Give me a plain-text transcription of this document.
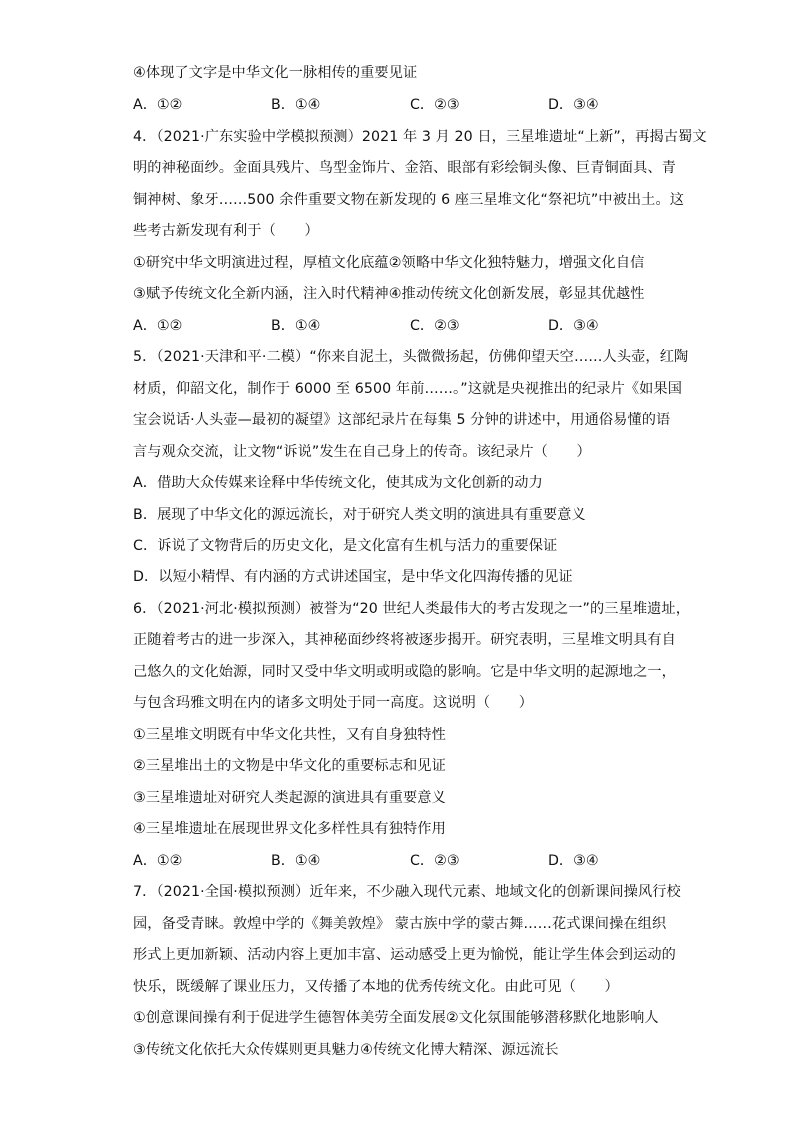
④体现了文字是中华文化一脉相传的重要见证
A．①②	B．①④	C．②③	D．③④
4．（2021·广东实验中学模拟预测）2021 年 3 月 20 日，三星堆遗址“上新”，再揭古蜀文
明的神秘面纱。金面具残片、鸟型金饰片、金箔、眼部有彩绘铜头像、巨青铜面具、青
铜神树、象牙……500 余件重要文物在新发现的 6 座三星堆文化“祭祀坑”中被出土。这
些考古新发现有利于（　　）
①研究中华文明演进过程，厚植文化底蕴②领略中华文化独特魅力，增强文化自信
③赋予传统文化全新内涵，注入时代精神④推动传统文化创新发展，彰显其优越性
A．①②	B．①④	C．②③	D．③④
5．（2021·天津和平·二模）“你来自泥土，头微微扬起，仿佛仰望天空……人头壶，红陶
材质，仰韶文化，制作于 6000 至 6500 年前……。”这就是央视推出的纪录片《如果国
宝会说话·人头壶—最初的凝望》这部纪录片在每集 5 分钟的讲述中，用通俗易懂的语
言与观众交流，让文物“诉说”发生在自己身上的传奇。该纪录片（　　）
A．借助大众传媒来诠释中华传统文化，使其成为文化创新的动力
B．展现了中华文化的源远流长，对于研究人类文明的演进具有重要意义
C．诉说了文物背后的历史文化，是文化富有生机与活力的重要保证
D．以短小精悍、有内涵的方式讲述国宝，是中华文化四海传播的见证
6．（2021·河北·模拟预测）被誉为“20 世纪人类最伟大的考古发现之一”的三星堆遗址，
正随着考古的进一步深入，其神秘面纱终将被逐步揭开。研究表明，三星堆文明具有自
己悠久的文化始源，同时又受中华文明或明或隐的影响。它是中华文明的起源地之一，
与包含玛雅文明在内的诸多文明处于同一高度。这说明（　　）
①三星堆文明既有中华文化共性，又有自身独特性
②三星堆出土的文物是中华文化的重要标志和见证
③三星堆遗址对研究人类起源的演进具有重要意义
④三星堆遗址在展现世界文化多样性具有独特作用
A．①②	B．①④	C．②③	D．③④
7．（2021·全国·模拟预测）近年来，不少融入现代元素、地域文化的创新课间操风行校
园，备受青睐。敦煌中学的《舞美敦煌》 蒙古族中学的蒙古舞……花式课间操在组织
形式上更加新颖、活动内容上更加丰富、运动感受上更为愉悦，能让学生体会到运动的
快乐，既缓解了课业压力，又传播了本地的优秀传统文化。由此可见（　　）
①创意课间操有利于促进学生德智体美劳全面发展②文化氛围能够潜移默化地影响人
③传统文化依托大众传媒则更具魅力④传统文化博大精深、源远流长
